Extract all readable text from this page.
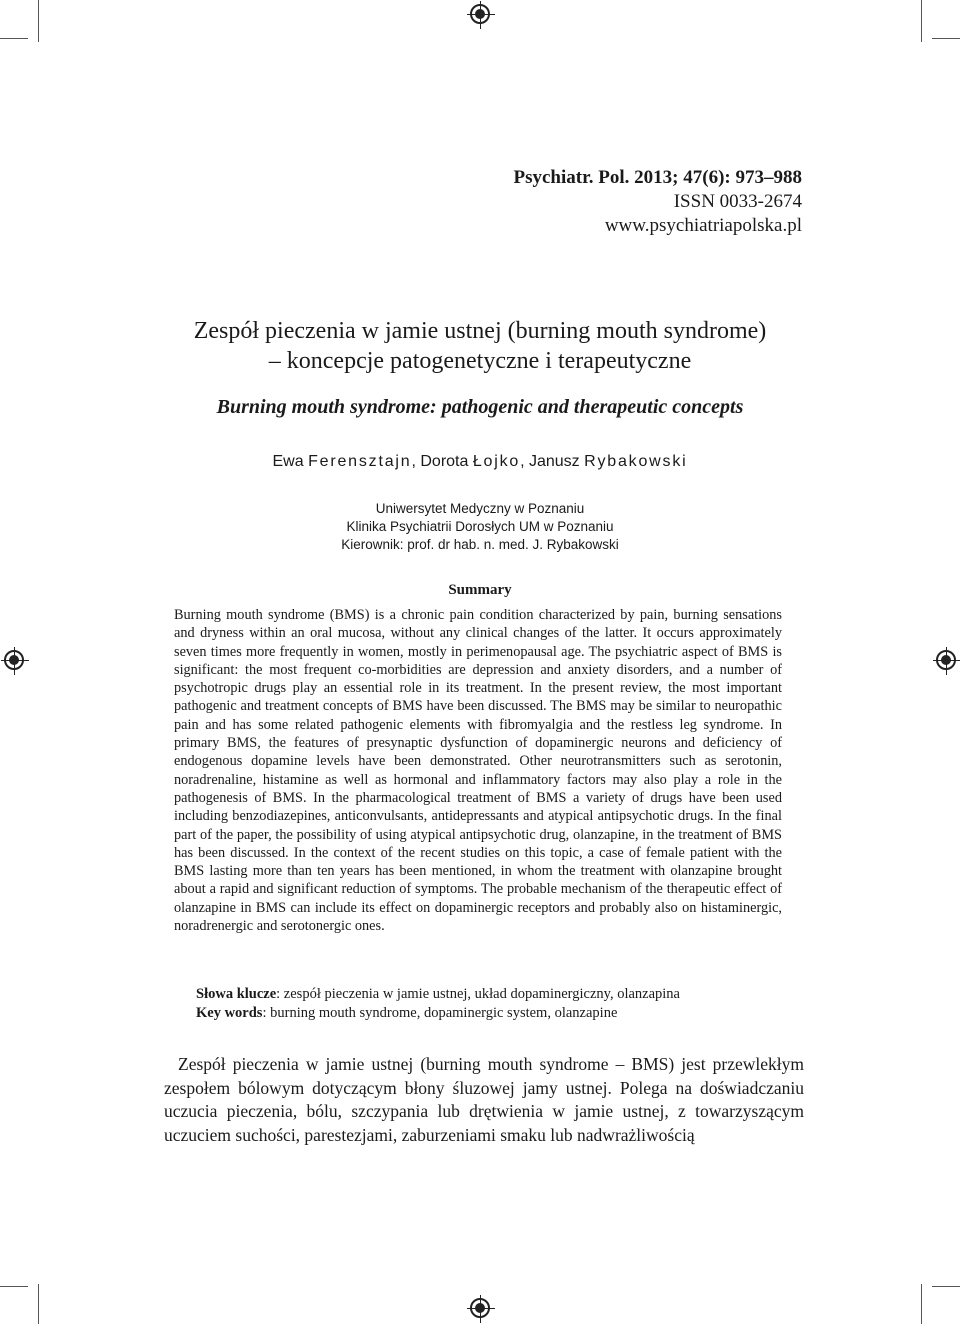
Psychiatr. Pol. 2013; 47(6): 973–988
ISSN 0033-2674
www.psychiatriapolska.pl
Zespół pieczenia w jamie ustnej (burning mouth syndrome)
– koncepcje patogenetyczne i terapeutyczne
Burning mouth syndrome: pathogenic and therapeutic concepts
Ewa Ferensztajn, Dorota Łojko, Janusz Rybakowski
Uniwersytet Medyczny w Poznaniu
Klinika Psychiatrii Dorosłych UM w Poznaniu
Kierownik: prof. dr hab. n. med. J. Rybakowski
Summary

Burning mouth syndrome (BMS) is a chronic pain condition characterized by pain, burning sensations and dryness within an oral mucosa, without any clinical changes of the latter. It occurs approximately seven times more frequently in women, mostly in perimenopausal age. The psychiatric aspect of BMS is significant: the most frequent co-morbidities are depression and anxiety disorders, and a number of psychotropic drugs play an essential role in its treatment. In the present review, the most important pathogenic and treatment concepts of BMS have been discussed. The BMS may be similar to neuropathic pain and has some related pathogenic elements with fibromyalgia and the restless leg syndrome. In primary BMS, the features of presynaptic dysfunction of dopaminergic neurons and deficiency of endogenous dopamine levels have been demonstrated. Other neurotransmitters such as serotonin, noradrenaline, histamine as well as hormonal and inflammatory factors may also play a role in the pathogenesis of BMS. In the pharmacological treatment of BMS a variety of drugs have been used including benzodiazepines, anticonvulsants, antidepressants and atypical antipsychotic drugs. In the final part of the paper, the possibility of using atypical antipsychotic drug, olanzapine, in the treatment of BMS has been discussed. In the context of the recent studies on this topic, a case of female patient with the BMS lasting more than ten years has been mentioned, in whom the treatment with olanzapine brought about a rapid and significant reduction of symptoms. The probable mechanism of the therapeutic effect of olanzapine in BMS can include its effect on dopaminergic receptors and probably also on histaminergic, noradrenergic and serotonergic ones.

Słowa klucze: zespół pieczenia w jamie ustnej, układ dopaminergiczny, olanzapina
Key words: burning mouth syndrome, dopaminergic system, olanzapine

Zespół pieczenia w jamie ustnej (burning mouth syndrome – BMS) jest przewlekłym zespołem bólowym dotyczącym błony śluzowej jamy ustnej. Polega na doświadczaniu uczucia pieczenia, bólu, szczypania lub drętwienia w jamie ustnej, z towarzyszącym uczuciem suchości, parestezjami, zaburzeniami smaku lub nadwrażliwością
